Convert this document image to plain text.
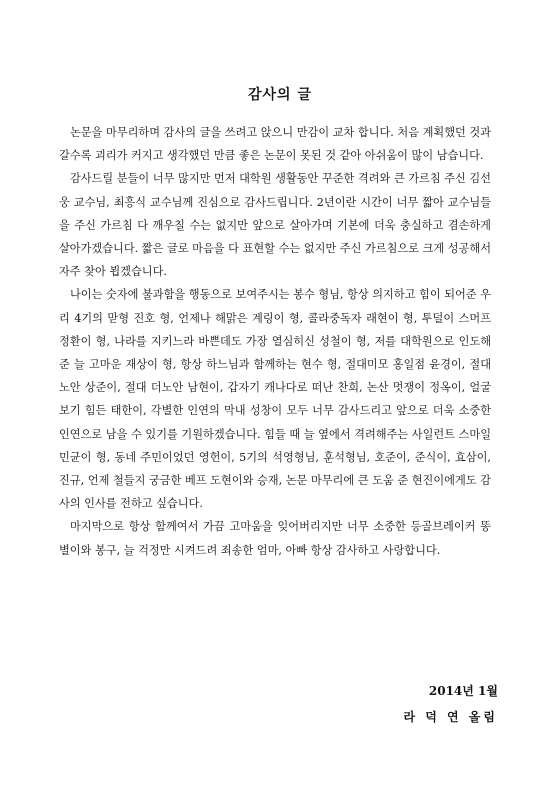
감사의 글

논문을 마무리하며 감사의 글을 쓰려고 앉으니 만감이 교차 합니다. 처음 계획했던 것과 갈수록 괴리가 커지고 생각했던 만큼 좋은 논문이 못된 것 같아 아쉬움이 많이 남습니다.

감사드릴 분들이 너무 많지만 먼저 대학원 생활동안 꾸준한 격려와 큰 가르침 주신 김선웅 교수님, 최흥식 교수님께 진심으로 감사드립니다. 2년이란 시간이 너무 짧아 교수님들을 주신 가르침 다 깨우칠 수는 없지만 앞으로 살아가며 기본에 더욱 충실하고 겸손하게 살아가겠습니다. 짧은 글로 마음을 다 표현할 수는 없지만 주신 가르침으로 크게 성공해서 자주 찾아 뵙겠습니다.

나이는 숫자에 불과함을 행동으로 보여주시는 봉수 형님, 항상 의지하고 힘이 되어준 우리 4기의 맏형 진호 형, 언제나 해맑은 계링이 형, 콜라중독자 래현이 형, 투덜이 스머프 정환이 형, 나라를 지키느라 바쁜데도 가장 열심히신 성철이 형, 저를 대학원으로 인도해 준 늘 고마운 재상이 형, 항상 하느님과 함께하는 현수 형, 절대미모 홍일점 윤경이, 절대노안 상준이, 절대 더노안 남현이, 갑자기 캐나다로 떠난 찬희, 논산 멋쟁이 정옥이, 얼굴보기 힘든 태한이, 각별한 인연의 막내 성창이 모두 너무 감사드리고 앞으로 더욱 소중한 인연으로 남을 수 있기를 기원하겠습니다. 힘들 때 늘 옆에서 격려해주는 사일런트 스마일 민균이 형, 동네 주민이었던 영헌이, 5기의 석영형님, 훈석형님, 호준이, 준식이, 효삼이, 진규, 언제 철들지 궁금한 베프 도현이와 승재, 논문 마무리에 큰 도움 준 현진이에게도 감사의 인사를 전하고 싶습니다.

마지막으로 항상 함께여서 가끔 고마움을 잊어버리지만 너무 소중한 등골브레이커 똥별이와 봉구, 늘 걱정만 시켜드려 죄송한 엄마, 아빠 항상 감사하고 사랑합니다.

2014년 1월
라 덕 연 올림
